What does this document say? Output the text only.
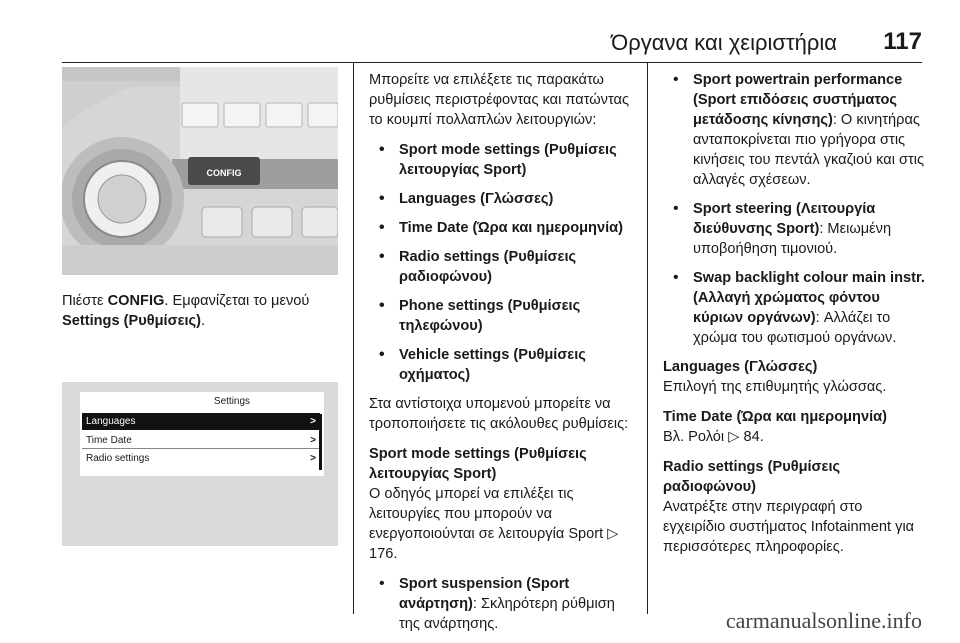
Όργανα και χειριστήρια 117
CONFIG
Πιέστε CONFIG. Εμφανίζεται το μενού Settings (Ρυθμίσεις).
Settings
Languages	>
Time Date	>
Radio settings	>

Μπορείτε να επιλέξετε τις παρακάτω ρυθμίσεις περιστρέφοντας και πατώντας το κουμπί πολλαπλών λειτουργιών:

• Sport mode settings (Ρυθμίσεις λειτουργίας Sport)
• Languages (Γλώσσες)
• Time Date (Ώρα και ημερομηνία)
• Radio settings (Ρυθμίσεις ραδιοφώνου)
• Phone settings (Ρυθμίσεις τηλεφώνου)
• Vehicle settings (Ρυθμίσεις οχήματος)

Στα αντίστοιχα υπομενού μπορείτε να τροποποιήσετε τις ακόλουθες ρυθμίσεις:

Sport mode settings (Ρυθμίσεις λειτουργίας Sport)

Ο οδηγός μπορεί να επιλέξει τις λειτουργίες που μπορούν να ενεργοποιούνται σε λειτουργία Sport ▷ 176.

• Sport suspension (Sport ανάρτηση): Σκληρότερη ρύθμιση της ανάρτησης.
• Sport powertrain performance (Sport επιδόσεις συστήματος μετάδοσης κίνησης): Ο κινητήρας ανταποκρίνεται πιο γρήγορα στις κινήσεις του πεντάλ γκαζιού και στις αλλαγές σχέσεων.
• Sport steering (Λειτουργία διεύθυνσης Sport): Μειωμένη υποβοήθηση τιμονιού.
• Swap backlight colour main instr. (Αλλαγή χρώματος φόντου κύριων οργάνων): Αλλάζει το χρώμα του φωτισμού οργάνων.
Languages (Γλώσσες)

Επιλογή της επιθυμητής γλώσσας.

Time Date (Ώρα και ημερομηνία)

Βλ. Ρολόι ▷ 84.

Radio settings (Ρυθμίσεις ραδιοφώνου)

Ανατρέξτε στην περιγραφή στο εγχειρίδιο συστήματος Infotainment για περισσότερες πληροφορίες.

carmanualsonline.info
